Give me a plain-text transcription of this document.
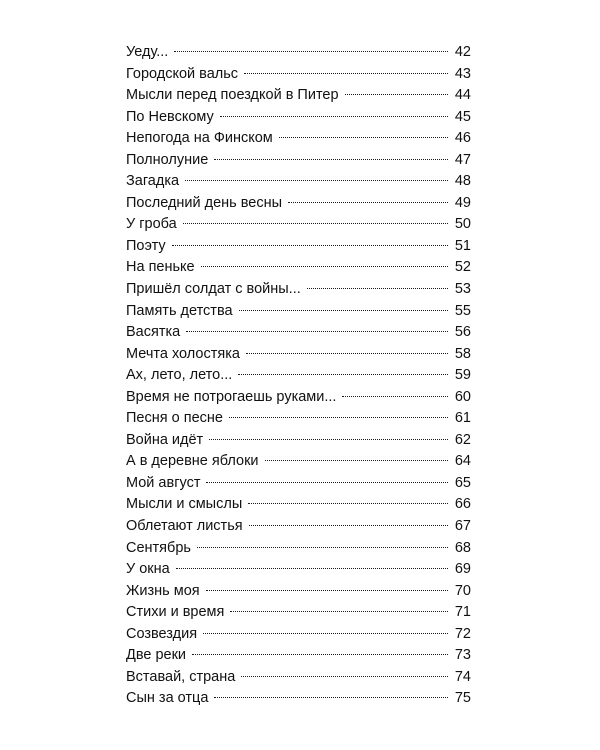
Уеду...	42
Городской вальс	43
Мысли перед поездкой в Питер	44
По Невскому	45
Непогода на Финском	46
Полнолуние	47
Загадка	48
Последний день весны	49
У гроба	50
Поэту	51
На пеньке	52
Пришёл солдат с войны...	53
Память детства	55
Васятка	56
Мечта холостяка	58
Ах, лето, лето...	59
Время не потрогаешь руками...	60
Песня о песне	61
Война идёт	62
А в деревне яблоки	64
Мой август	65
Мысли и смыслы	66
Облетают листья	67
Сентябрь	68
У окна	69
Жизнь моя	70
Стихи и время	71
Созвездия	72
Две реки	73
Вставай, страна	74
Сын за отца	75
